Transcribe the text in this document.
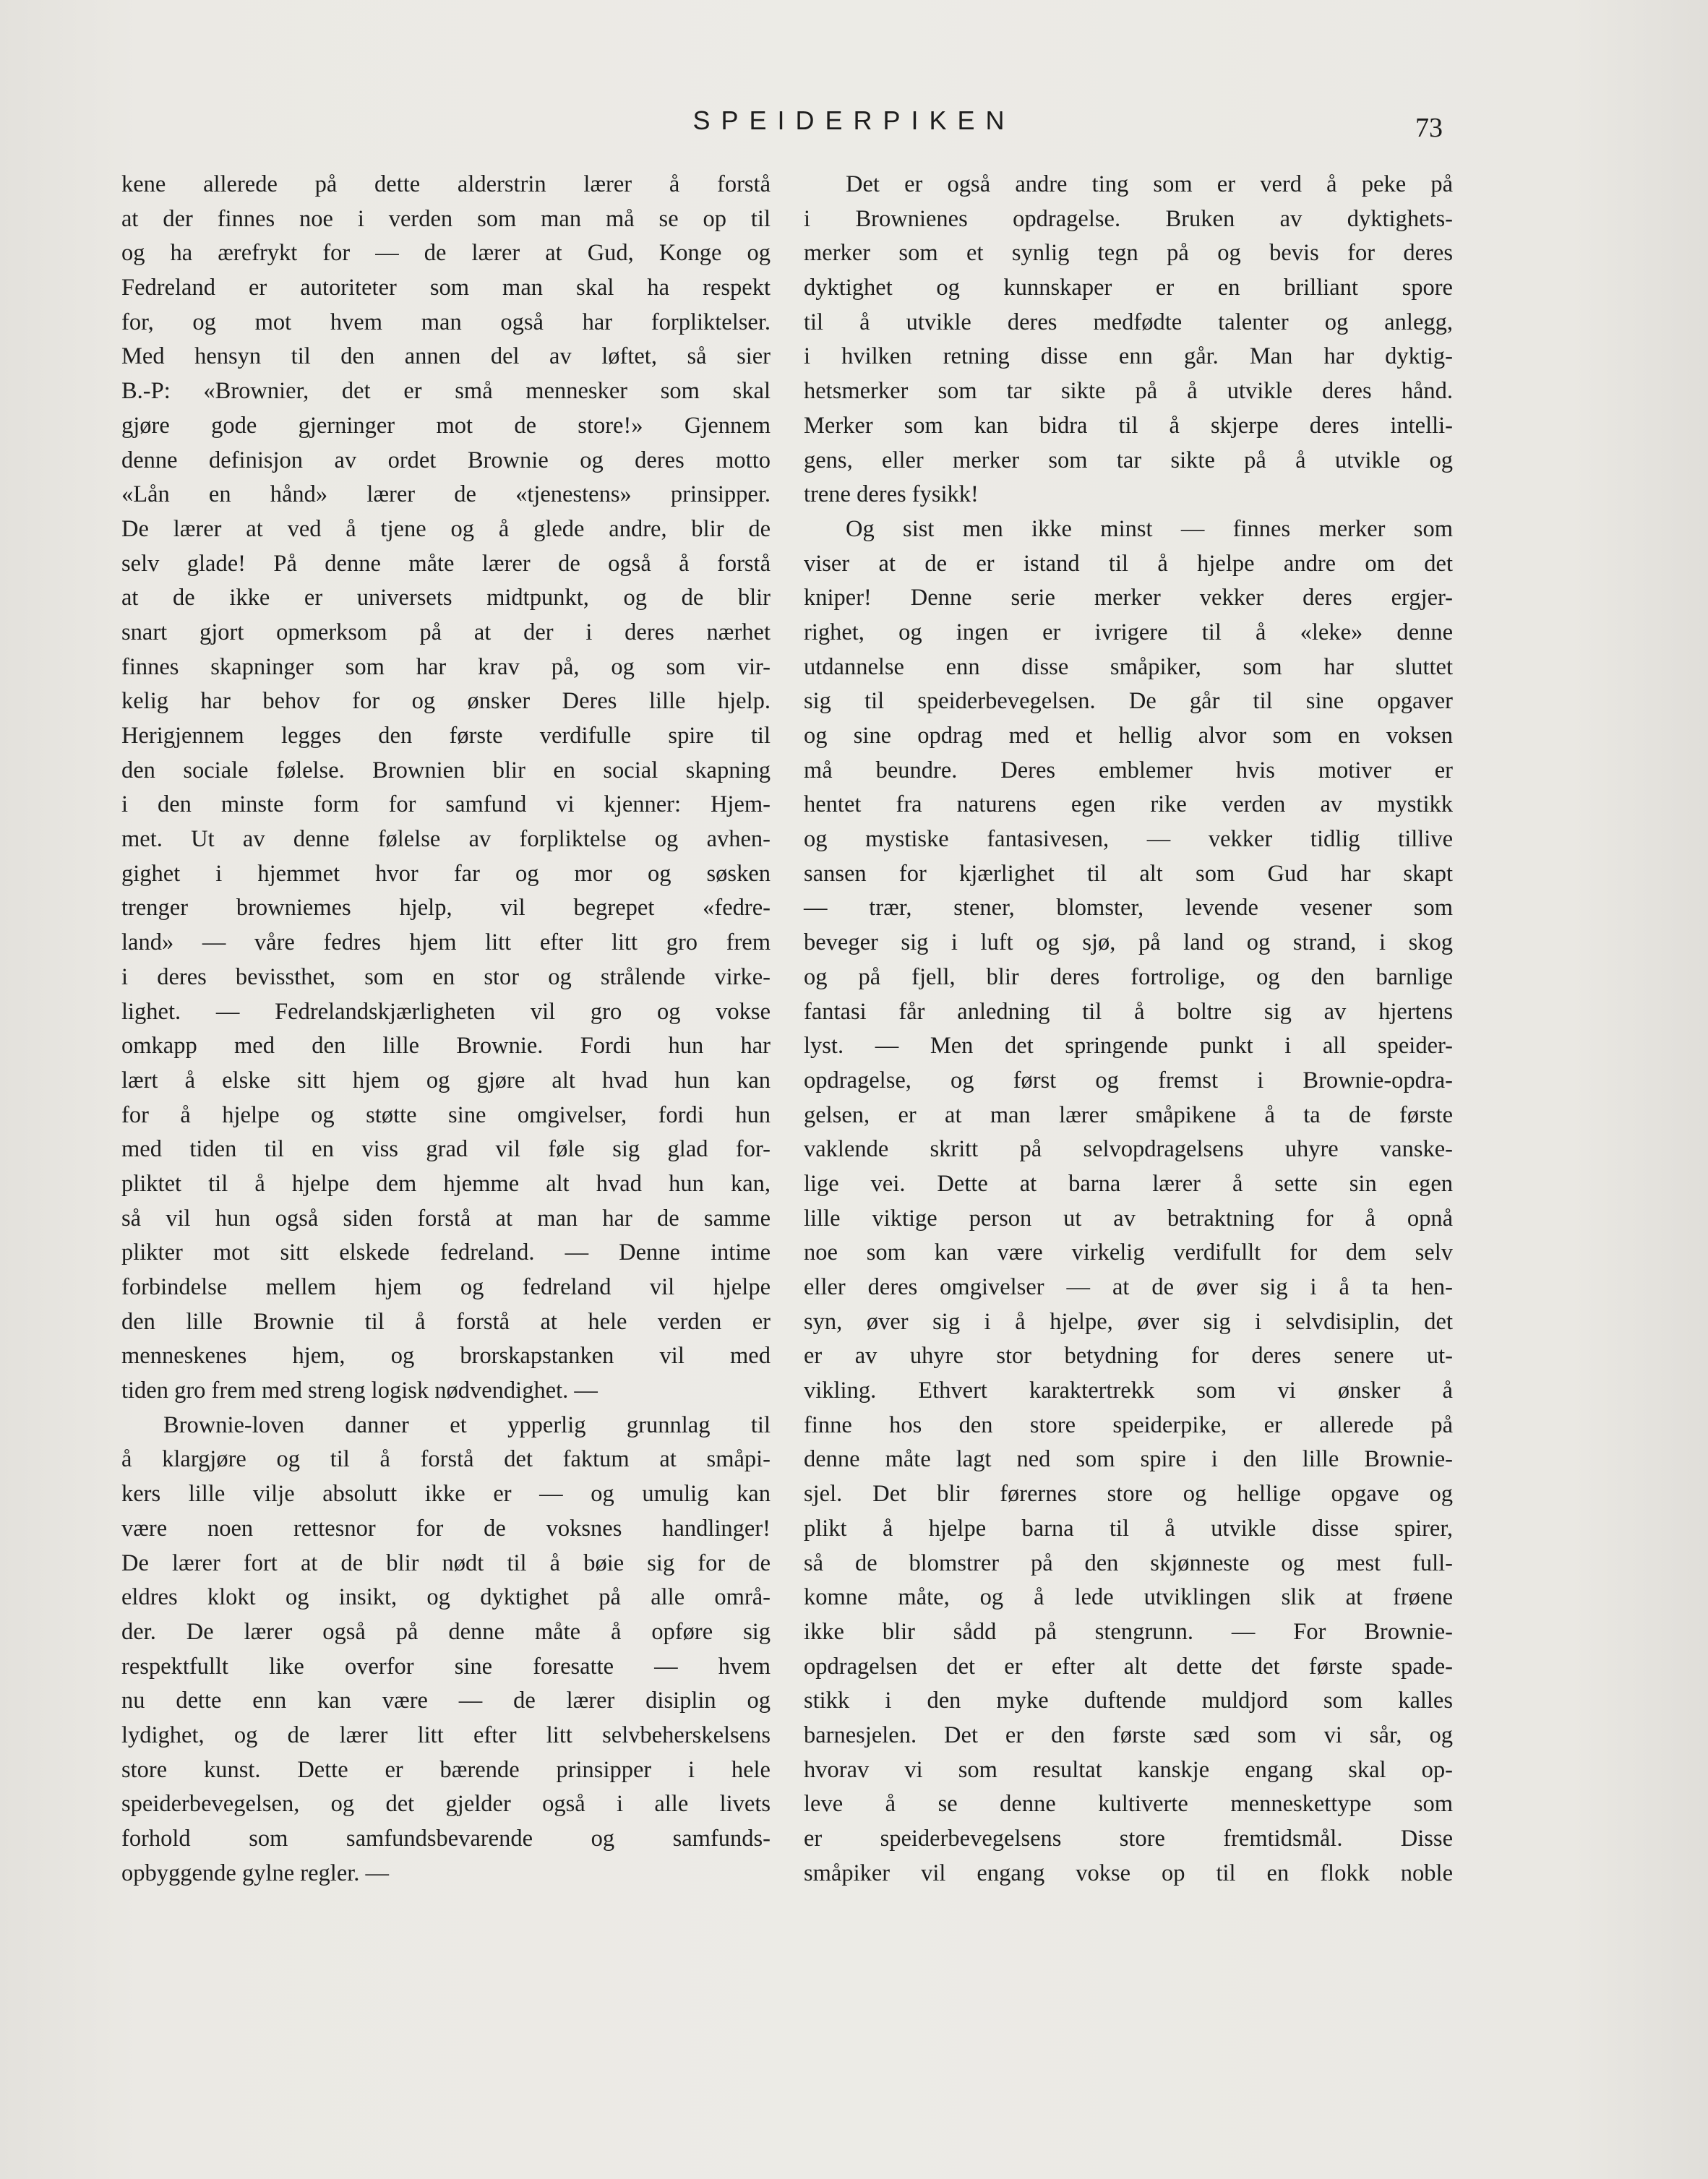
SPEIDERPIKEN	73
kene allerede på dette alderstrin lærer å forstå
at der finnes noe i verden som man må se op til
og ha ærefrykt for — de lærer at Gud, Konge og
Fedreland er autoriteter som man skal ha respekt
for, og mot hvem man også har forpliktelser.
Med hensyn til den annen del av løftet, så sier
B.-P: «Brownier, det er små mennesker som skal
gjøre gode gjerninger mot de store!» Gjennem
denne definisjon av ordet Brownie og deres motto
«Lån en hånd» lærer de «tjenestens» prinsipper.
De lærer at ved å tjene og å glede andre, blir de
selv glade! På denne måte lærer de også å forstå
at de ikke er universets midtpunkt, og de blir
snart gjort opmerksom på at der i deres nærhet
finnes skapninger som har krav på, og som vir-
kelig har behov for og ønsker Deres lille hjelp.
Herigjennem legges den første verdifulle spire til
den sociale følelse. Brownien blir en social skapning
i den minste form for samfund vi kjenner: Hjem-
met. Ut av denne følelse av forpliktelse og avhen-
gighet i hjemmet hvor far og mor og søsken
trenger browniemes hjelp, vil begrepet «fedre-
land» — våre fedres hjem litt efter litt gro frem
i deres bevissthet, som en stor og strålende virke-
lighet. — Fedrelandskjærligheten vil gro og vokse
omkapp med den lille Brownie. Fordi hun har
lært å elske sitt hjem og gjøre alt hvad hun kan
for å hjelpe og støtte sine omgivelser, fordi hun
med tiden til en viss grad vil føle sig glad for-
pliktet til å hjelpe dem hjemme alt hvad hun kan,
så vil hun også siden forstå at man har de samme
plikter mot sitt elskede fedreland. — Denne intime
forbindelse mellem hjem og fedreland vil hjelpe
den lille Brownie til å forstå at hele verden er
menneskenes hjem, og brorskapstanken vil med
tiden gro frem med streng logisk nødvendighet. —
Brownie-loven danner et ypperlig grunnlag til
å klargjøre og til å forstå det faktum at småpi-
kers lille vilje absolutt ikke er — og umulig kan
være noen rettesnor for de voksnes handlinger!
De lærer fort at de blir nødt til å bøie sig for de
eldres klokt og insikt, og dyktighet på alle områ-
der. De lærer også på denne måte å opføre sig
respektfullt like overfor sine foresatte — hvem
nu dette enn kan være — de lærer disiplin og
lydighet, og de lærer litt efter litt selvbeherskelsens
store kunst. Dette er bærende prinsipper i hele
speiderbevegelsen, og det gjelder også i alle livets
forhold som samfundsbevarende og samfunds-
opbyggende gylne regler. —
Det er også andre ting som er verd å peke på
i Brownienes opdragelse. Bruken av dyktighets-
merker som et synlig tegn på og bevis for deres
dyktighet og kunnskaper er en brilliant spore
til å utvikle deres medfødte talenter og anlegg,
i hvilken retning disse enn går. Man har dyktig-
hetsmerker som tar sikte på å utvikle deres hånd.
Merker som kan bidra til å skjerpe deres intelli-
gens, eller merker som tar sikte på å utvikle og
trene deres fysikk!
Og sist men ikke minst — finnes merker som
viser at de er istand til å hjelpe andre om det
kniper! Denne serie merker vekker deres ergjer-
righet, og ingen er ivrigere til å «leke» denne
utdannelse enn disse småpiker, som har sluttet
sig til speiderbevegelsen. De går til sine opgaver
og sine opdrag med et hellig alvor som en voksen
må beundre. Deres emblemer hvis motiver er
hentet fra naturens egen rike verden av mystikk
og mystiske fantasivesen, — vekker tidlig tillive
sansen for kjærlighet til alt som Gud har skapt
— trær, stener, blomster, levende vesener som
beveger sig i luft og sjø, på land og strand, i skog
og på fjell, blir deres fortrolige, og den barnlige
fantasi får anledning til å boltre sig av hjertens
lyst. — Men det springende punkt i all speider-
opdragelse, og først og fremst i Brownie-opdra-
gelsen, er at man lærer småpikene å ta de første
vaklende skritt på selvopdragelsens uhyre vanske-
lige vei. Dette at barna lærer å sette sin egen
lille viktige person ut av betraktning for å opnå
noe som kan være virkelig verdifullt for dem selv
eller deres omgivelser — at de øver sig i å ta hen-
syn, øver sig i å hjelpe, øver sig i selvdisiplin, det
er av uhyre stor betydning for deres senere ut-
vikling. Ethvert karaktertrekk som vi ønsker å
finne hos den store speiderpike, er allerede på
denne måte lagt ned som spire i den lille Brownie-
sjel. Det blir førernes store og hellige opgave og
plikt å hjelpe barna til å utvikle disse spirer,
så de blomstrer på den skjønneste og mest full-
komne måte, og å lede utviklingen slik at frøene
ikke blir sådd på stengrunn. — For Brownie-
opdragelsen det er efter alt dette det første spade-
stikk i den myke duftende muldjord som kalles
barnesjelen. Det er den første sæd som vi sår, og
hvorav vi som resultat kanskje engang skal op-
leve å se denne kultiverte menneskettype som
er speiderbevegelsens store fremtidsmål. Disse
småpiker vil engang vokse op til en flokk noble
